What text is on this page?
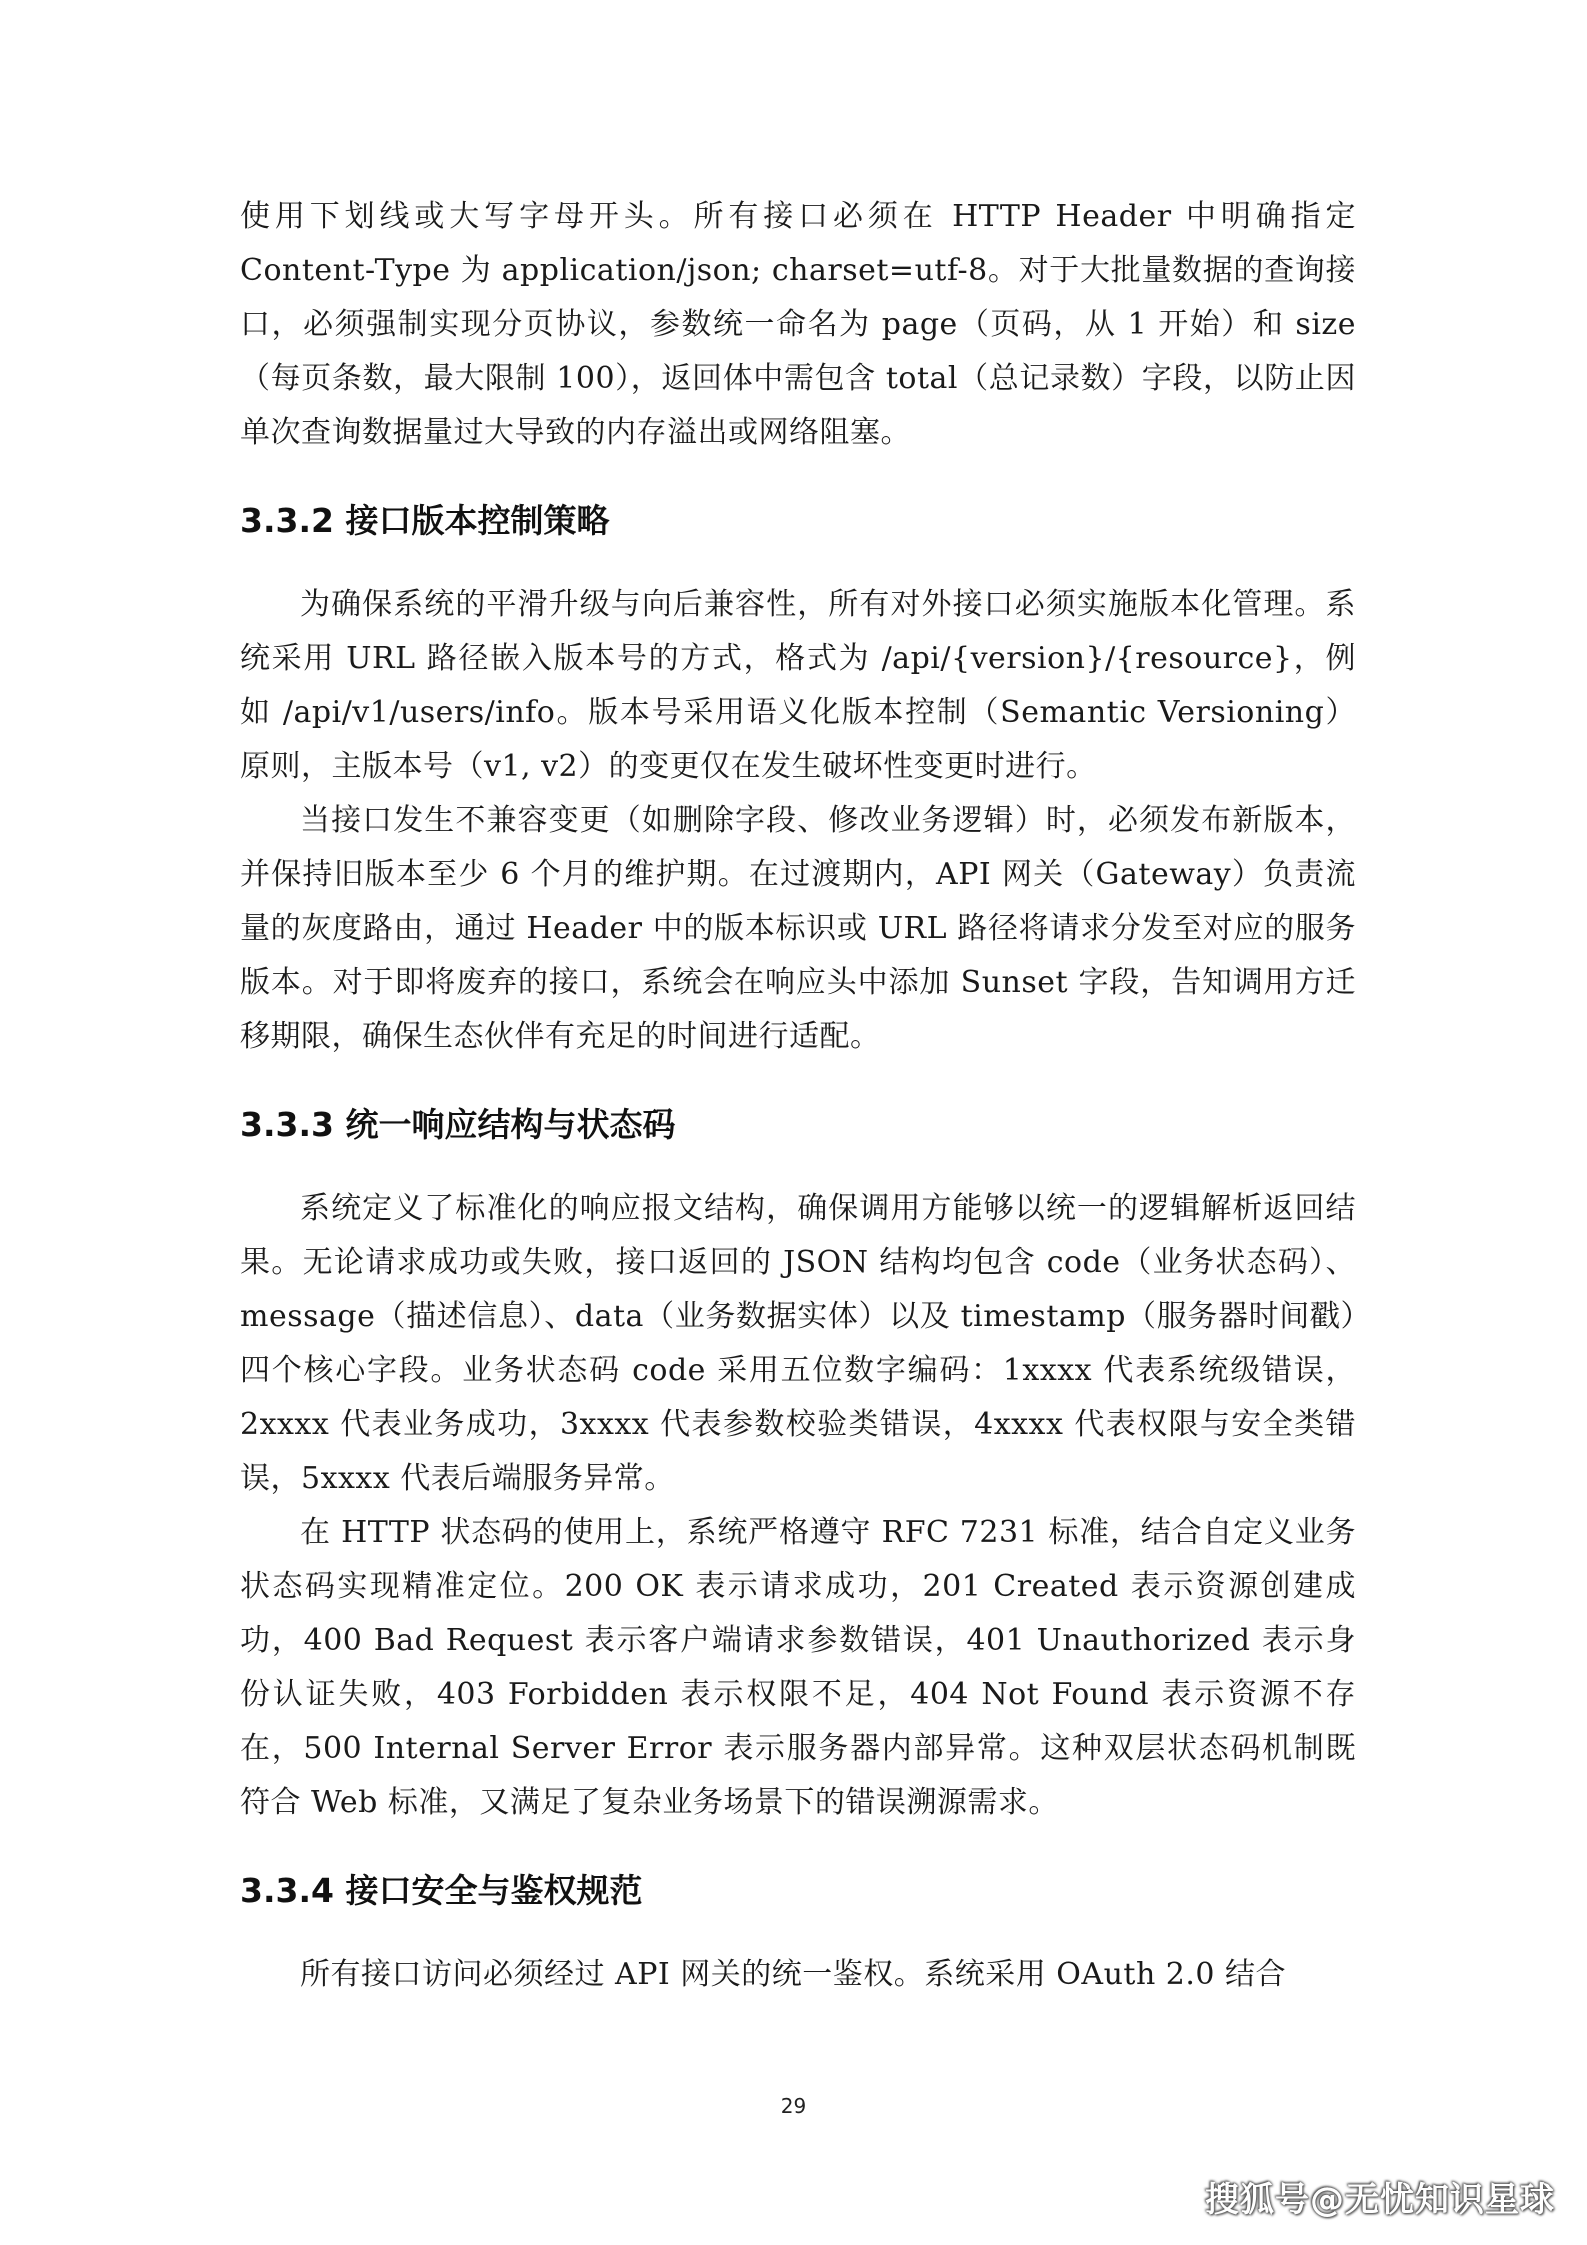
使用下划线或大写字母开头。所有接口必须在 HTTP Header 中明确指定 Content-Type 为 application/json; charset=utf-8。对于大批量数据的查询接口，必须强制实现分页协议，参数统一命名为 page（页码，从 1 开始）和 size（每页条数，最大限制 100），返回体中需包含 total（总记录数）字段，以防止因单次查询数据量过大导致的内存溢出或网络阻塞。

3.3.2 接口版本控制策略

为确保系统的平滑升级与向后兼容性，所有对外接口必须实施版本化管理。系统采用 URL 路径嵌入版本号的方式，格式为 /api/{version}/{resource}，例如 /api/v1/users/info。版本号采用语义化版本控制（Semantic Versioning）原则，主版本号（v1, v2）的变更仅在发生破坏性变更时进行。

当接口发生不兼容变更（如删除字段、修改业务逻辑）时，必须发布新版本，并保持旧版本至少 6 个月的维护期。在过渡期内，API 网关（Gateway）负责流量的灰度路由，通过 Header 中的版本标识或 URL 路径将请求分发至对应的服务版本。对于即将废弃的接口，系统会在响应头中添加 Sunset 字段，告知调用方迁移期限，确保生态伙伴有充足的时间进行适配。

3.3.3 统一响应结构与状态码

系统定义了标准化的响应报文结构，确保调用方能够以统一的逻辑解析返回结果。无论请求成功或失败，接口返回的 JSON 结构均包含 code（业务状态码）、message（描述信息）、data（业务数据实体）以及 timestamp（服务器时间戳）四个核心字段。业务状态码 code 采用五位数字编码：1xxxx 代表系统级错误，2xxxx 代表业务成功，3xxxx 代表参数校验类错误，4xxxx 代表权限与安全类错误，5xxxx 代表后端服务异常。

在 HTTP 状态码的使用上，系统严格遵守 RFC 7231 标准，结合自定义业务状态码实现精准定位。200 OK 表示请求成功，201 Created 表示资源创建成功，400 Bad Request 表示客户端请求参数错误，401 Unauthorized 表示身份认证失败，403 Forbidden 表示权限不足，404 Not Found 表示资源不存在，500 Internal Server Error 表示服务器内部异常。这种双层状态码机制既符合 Web 标准，又满足了复杂业务场景下的错误溯源需求。

3.3.4 接口安全与鉴权规范

所有接口访问必须经过 API 网关的统一鉴权。系统采用 OAuth 2.0 结合

29
搜狐号@无忧知识星球
